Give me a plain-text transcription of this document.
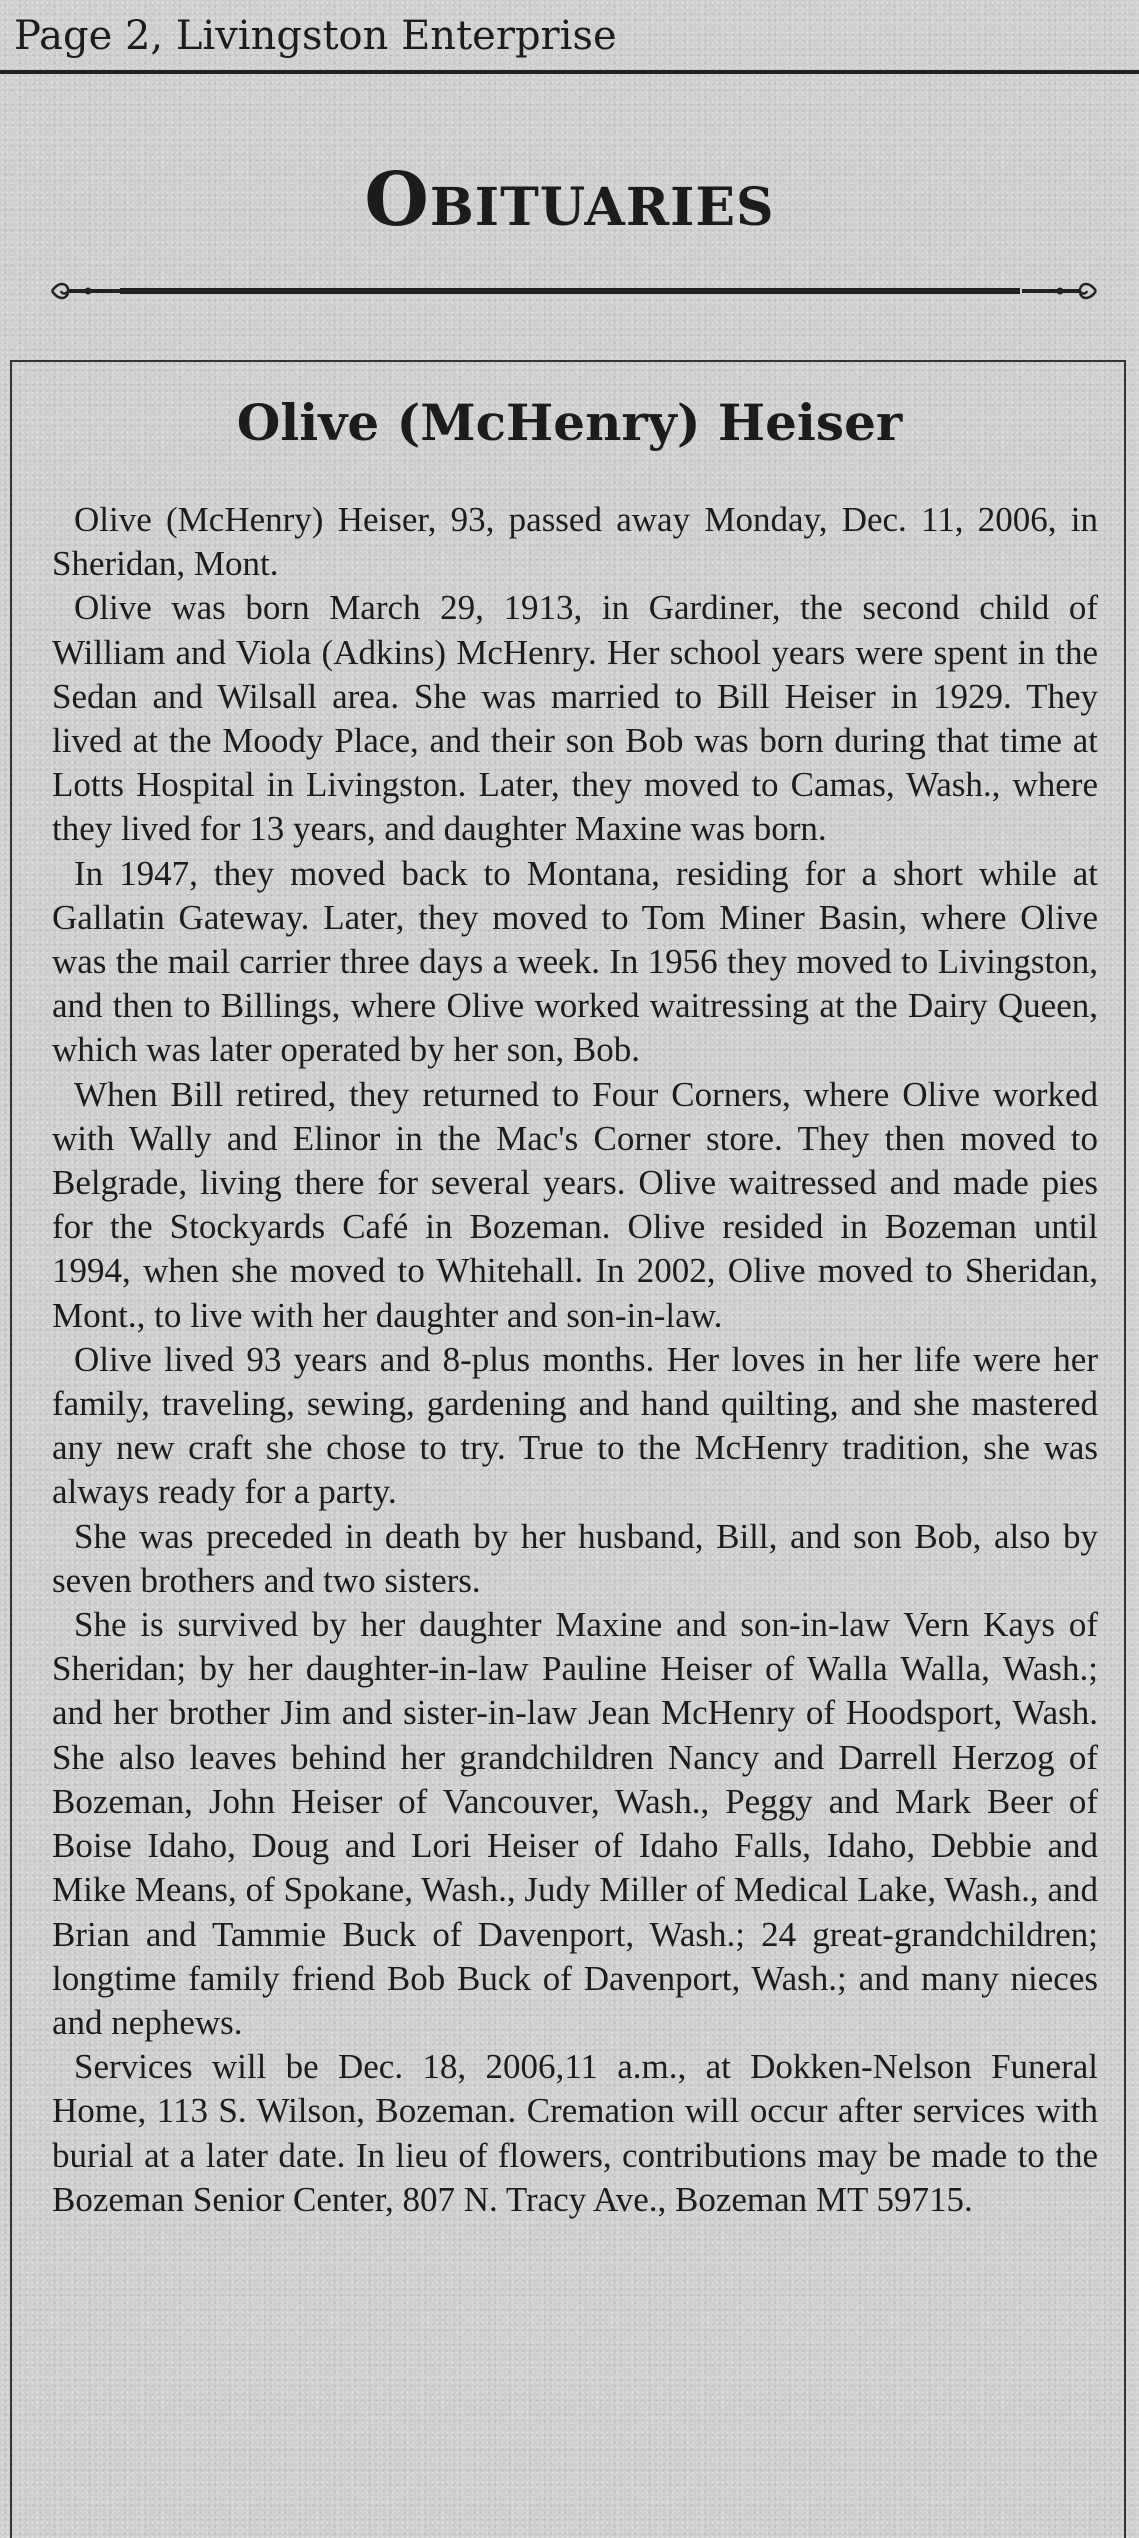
Page 2, Livingston Enterprise
Obituaries
Olive (McHenry) Heiser

Olive (McHenry) Heiser, 93, passed away Monday, Dec. 11, 2006, in Sheridan, Mont.

Olive was born March 29, 1913, in Gardiner, the second child of William and Viola (Adkins) McHenry. Her school years were spent in the Sedan and Wilsall area. She was married to Bill Heiser in 1929. They lived at the Moody Place, and their son Bob was born during that time at Lotts Hospital in Livingston. Later, they moved to Camas, Wash., where they lived for 13 years, and daughter Maxine was born.

In 1947, they moved back to Montana, residing for a short while at Gallatin Gateway. Later, they moved to Tom Miner Basin, where Olive was the mail carrier three days a week. In 1956 they moved to Livingston, and then to Billings, where Olive worked waitressing at the Dairy Queen, which was later operated by her son, Bob.

When Bill retired, they returned to Four Corners, where Olive worked with Wally and Elinor in the Mac's Corner store. They then moved to Belgrade, living there for several years. Olive waitressed and made pies for the Stockyards Café in Bozeman. Olive resided in Bozeman until 1994, when she moved to Whitehall. In 2002, Olive moved to Sheridan, Mont., to live with her daughter and son-in-law.

Olive lived 93 years and 8-plus months. Her loves in her life were her family, traveling, sewing, gardening and hand quilting, and she mastered any new craft she chose to try. True to the McHenry tradition, she was always ready for a party.

She was preceded in death by her husband, Bill, and son Bob, also by seven brothers and two sisters.

She is survived by her daughter Maxine and son-in-law Vern Kays of Sheridan; by her daughter-in-law Pauline Heiser of Walla Walla, Wash.; and her brother Jim and sister-in-law Jean McHenry of Hoodsport, Wash. She also leaves behind her grandchildren Nancy and Darrell Herzog of Bozeman, John Heiser of Vancouver, Wash., Peggy and Mark Beer of Boise Idaho, Doug and Lori Heiser of Idaho Falls, Idaho, Debbie and Mike Means, of Spokane, Wash., Judy Miller of Medical Lake, Wash., and Brian and Tammie Buck of Davenport, Wash.; 24 great-grandchildren; longtime family friend Bob Buck of Davenport, Wash.; and many nieces and nephews.

Services will be Dec. 18, 2006,11 a.m., at Dokken-Nelson Funeral Home, 113 S. Wilson, Bozeman. Cremation will occur after services with burial at a later date. In lieu of flowers, contributions may be made to the Bozeman Senior Center, 807 N. Tracy Ave., Bozeman MT 59715.
